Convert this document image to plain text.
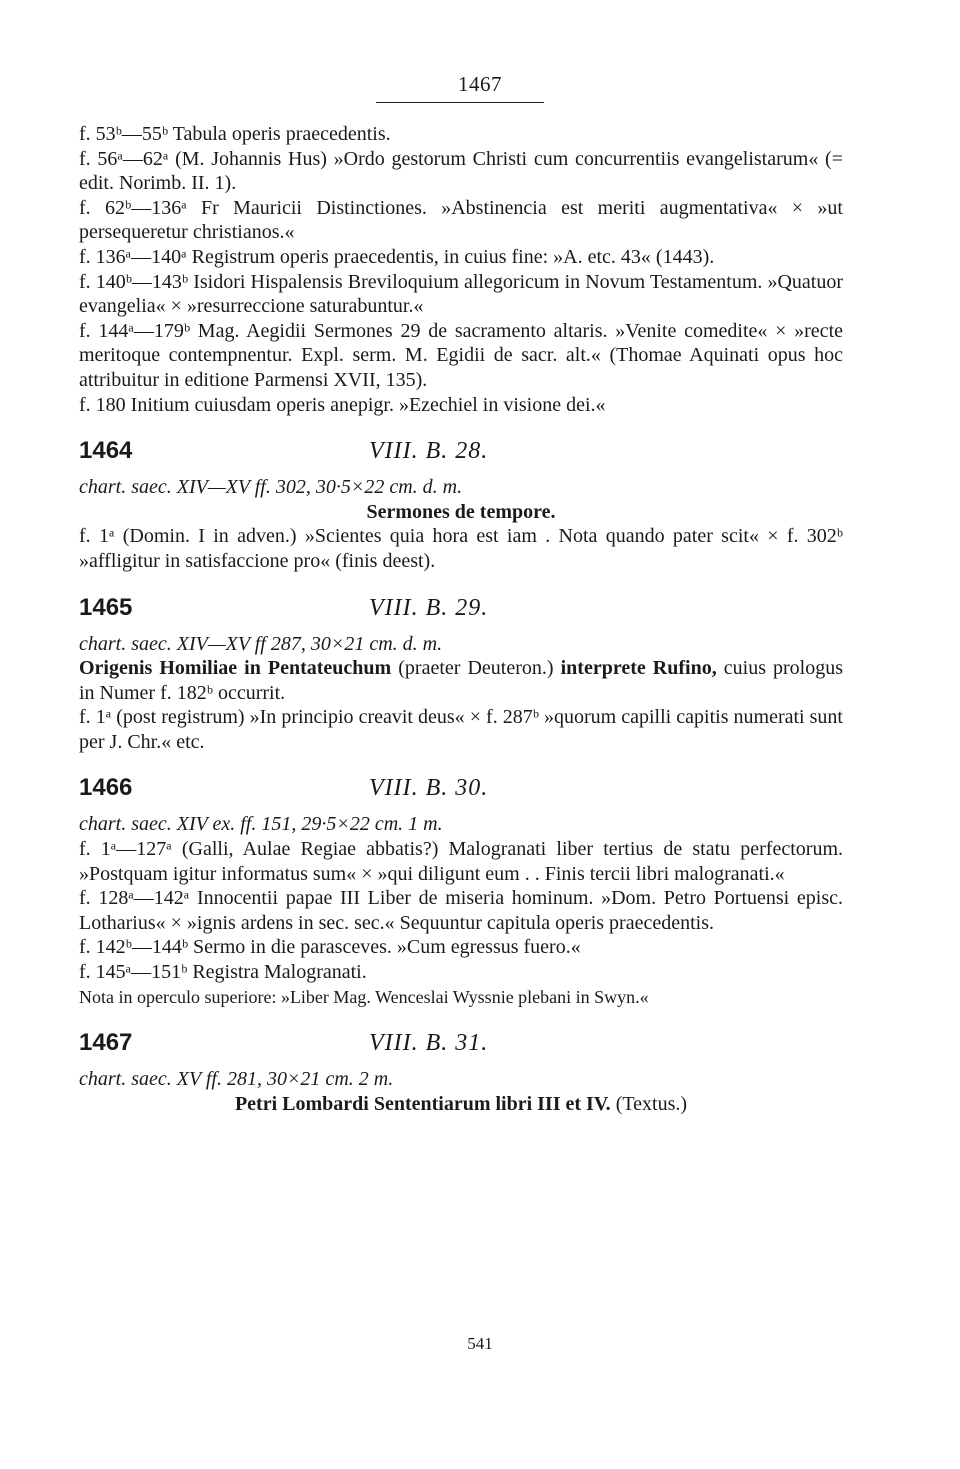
1467

f. 53ᵇ—55ᵇ Tabula operis praecedentis.

f. 56ᵃ—62ᵃ (M. Johannis Hus) »Ordo gestorum Christi cum concurrentiis evangelistarum« (= edit. Norimb. II. 1).

f. 62ᵇ—136ᵃ Fr Mauricii Distinctiones. »Abstinencia est meriti augmentativa« × »ut persequeretur christianos.«

f. 136ᵃ—140ᵃ Registrum operis praecedentis, in cuius fine: »A. etc. 43« (1443).

f. 140ᵇ—143ᵇ Isidori Hispalensis Breviloquium allegoricum in Novum Testamentum. »Quatuor evangelia« × »resurreccione saturabuntur.«

f. 144ᵃ—179ᵇ Mag. Aegidii Sermones 29 de sacramento altaris. »Venite comedite« × »recte meritoque contempnentur. Expl. serm. M. Egidii de sacr. alt.« (Thomae Aquinati opus hoc attribuitur in editione Parmensi XVII, 135).

f. 180 Initium cuiusdam operis anepigr. »Ezechiel in visione dei.«

1464	VIII. B. 28.

chart. saec. XIV—XV ff. 302, 30·5×22 cm. d. m.

Sermones de tempore.

f. 1ᵃ (Domin. I in adven.) »Scientes quia hora est iam . Nota quando pater scit« × f. 302ᵇ »affligitur in satisfaccione pro« (finis deest).

1465	VIII. B. 29.

chart. saec. XIV—XV ff 287, 30×21 cm. d. m.

Origenis Homiliae in Pentateuchum (praeter Deuteron.) interprete Rufino, cuius prologus in Numer f. 182ᵇ occurrit.

f. 1ᵃ (post registrum) »In principio creavit deus« × f. 287ᵇ »quorum capilli capitis numerati sunt per J. Chr.« etc.

1466	VIII. B. 30.

chart. saec. XIV ex. ff. 151, 29·5×22 cm. 1 m.

f. 1ᵃ—127ᵃ (Galli, Aulae Regiae abbatis?) Malogranati liber tertius de statu perfectorum. »Postquam igitur informatus sum« × »qui diligunt eum . . Finis tercii libri malogranati.«

f. 128ᵃ—142ᵃ Innocentii papae III Liber de miseria hominum. »Dom. Petro Portuensi episc. Lotharius« × »ignis ardens in sec. sec.« Sequuntur capitula operis praecedentis.

f. 142ᵇ—144ᵇ Sermo in die parasceves. »Cum egressus fuero.«

f. 145ᵃ—151ᵇ Registra Malogranati.

Nota in operculo superiore: »Liber Mag. Wenceslai Wyssnie plebani in Swyn.«

1467	VIII. B. 31.

chart. saec. XV ff. 281, 30×21 cm. 2 m.

Petri Lombardi Sententiarum libri III et IV. (Textus.)

541
